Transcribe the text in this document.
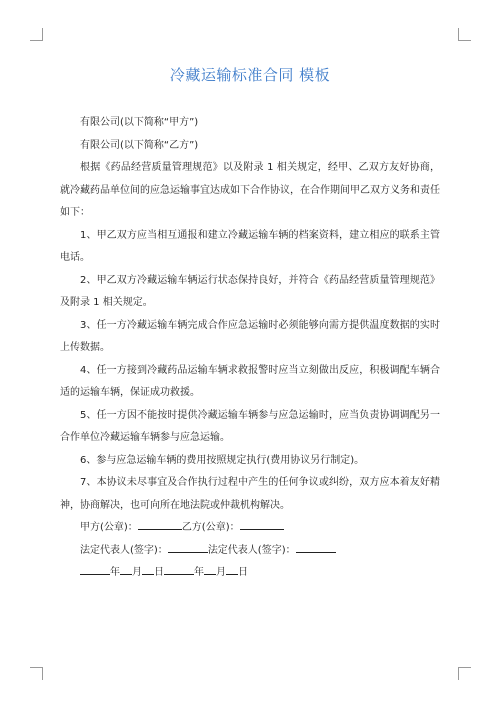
冷藏运输标准合同 模板

有限公司(以下简称“甲方”)

有限公司(以下简称“乙方”)

根据《药品经营质量管理规范》以及附录 1 相关规定，经甲、乙双方友好协商，就冷藏药品单位间的应急运输事宜达成如下合作协议，在合作期间甲乙双方义务和责任如下：

1、甲乙双方应当相互通报和建立冷藏运输车辆的档案资料，建立相应的联系主管电话。

2、甲乙双方冷藏运输车辆运行状态保持良好，并符合《药品经营质量管理规范》及附录 1 相关规定。

3、任一方冷藏运输车辆完成合作应急运输时必须能够向需方提供温度数据的实时上传数据。

4、任一方接到冷藏药品运输车辆求救报警时应当立刻做出反应，积极调配车辆合适的运输车辆，保证成功救援。

5、任一方因不能按时提供冷藏运输车辆参与应急运输时，应当负责协调调配另一合作单位冷藏运输车辆参与应急运输。

6、参与应急运输车辆的费用按照规定执行(费用协议另行制定)。

7、本协议未尽事宜及合作执行过程中产生的任何争议或纠纷，双方应本着友好精神，协商解决，也可向所在地法院或仲裁机构解决。

甲方(公章)：	乙方(公章)：

法定代表人(签字)：	法定代表人(签字)：

年 月 日	年 月 日
